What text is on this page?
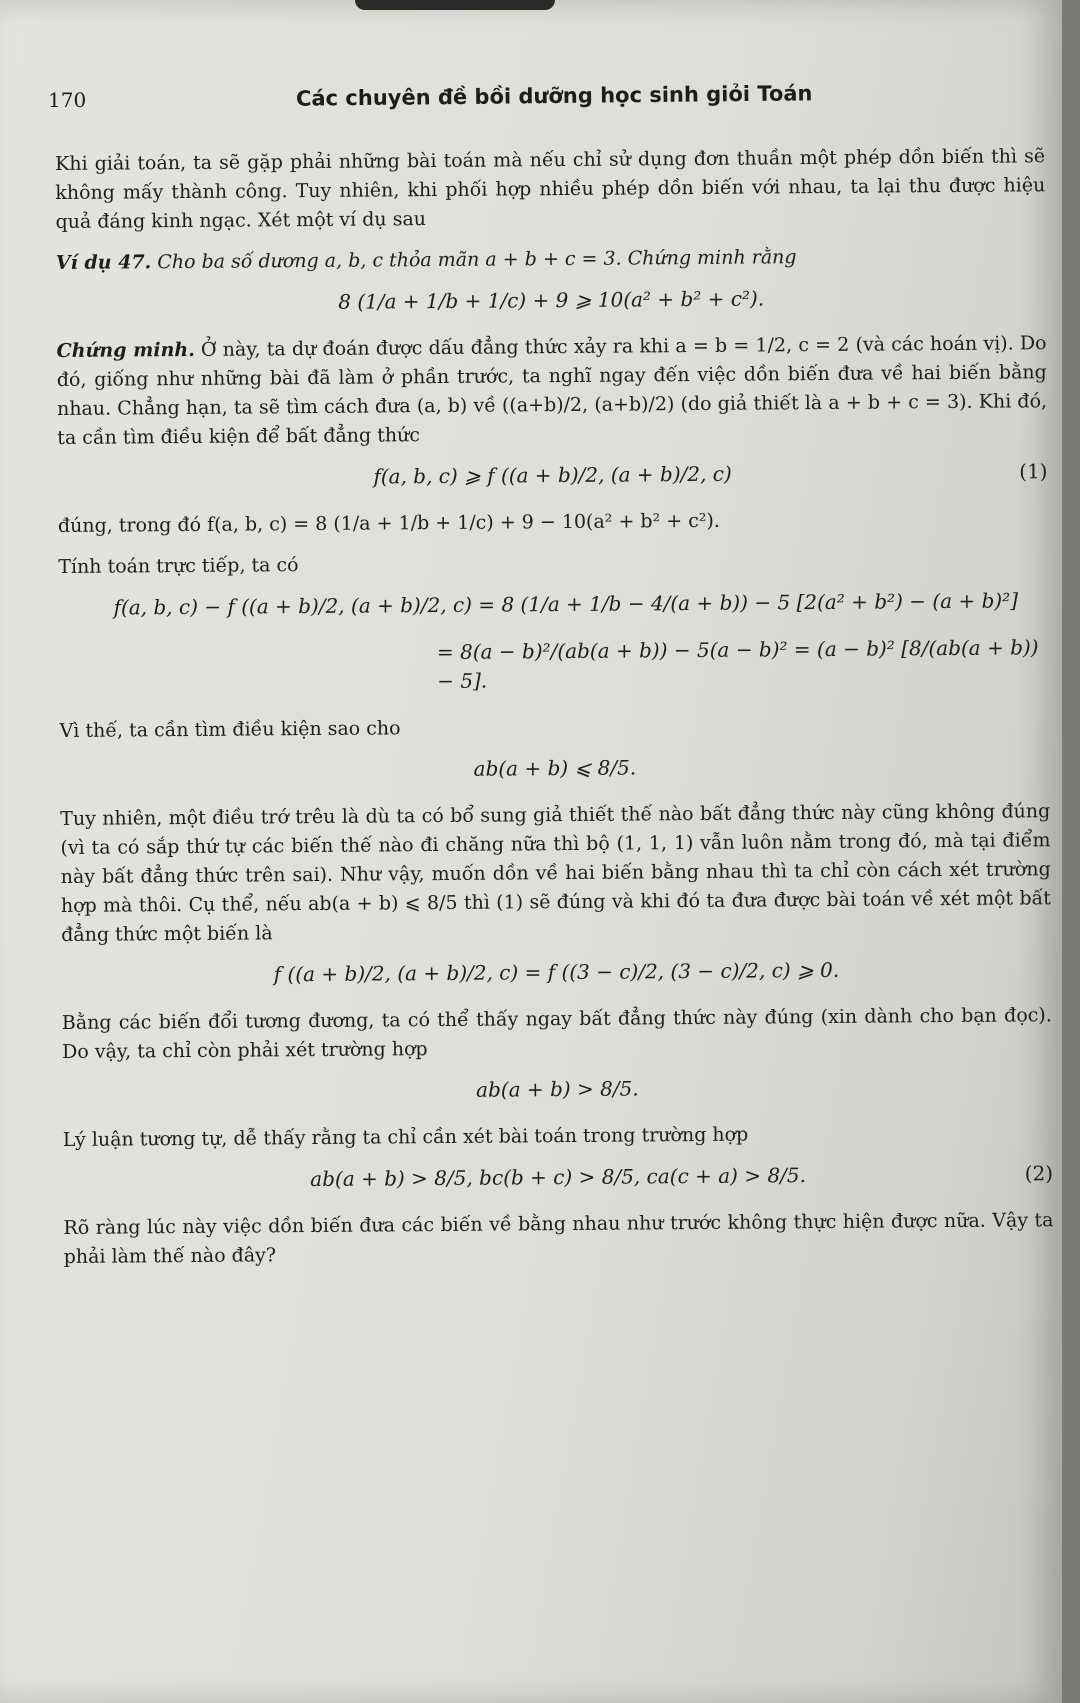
170	Các chuyên đề bồi dưỡng học sinh giỏi Toán

Khi giải toán, ta sẽ gặp phải những bài toán mà nếu chỉ sử dụng đơn thuần một phép dồn biến thì sẽ không mấy thành công. Tuy nhiên, khi phối hợp nhiều phép dồn biến với nhau, ta lại thu được hiệu quả đáng kinh ngạc. Xét một ví dụ sau

Ví dụ 47. Cho ba số dương a, b, c thỏa mãn a + b + c = 3. Chứng minh rằng

8 (1/a + 1/b + 1/c) + 9 ⩾ 10(a² + b² + c²).

Chứng minh. Ở này, ta dự đoán được dấu đẳng thức xảy ra khi a = b = 1/2, c = 2 (và các hoán vị). Do đó, giống như những bài đã làm ở phần trước, ta nghĩ ngay đến việc dồn biến đưa về hai biến bằng nhau. Chẳng hạn, ta sẽ tìm cách đưa (a, b) về ((a+b)/2, (a+b)/2) (do giả thiết là a + b + c = 3). Khi đó, ta cần tìm điều kiện để bất đẳng thức

f(a, b, c) ⩾ f ((a + b)/2, (a + b)/2, c)	(1)

đúng, trong đó f(a, b, c) = 8 (1/a + 1/b + 1/c) + 9 − 10(a² + b² + c²).

Tính toán trực tiếp, ta có

f(a, b, c) − f ((a + b)/2, (a + b)/2, c) = 8 (1/a + 1/b − 4/(a + b)) − 5 [2(a² + b²) − (a + b)²]
= 8(a − b)²/(ab(a + b)) − 5(a − b)² = (a − b)² [8/(ab(a + b)) − 5].

Vì thế, ta cần tìm điều kiện sao cho

ab(a + b) ⩽ 8/5.

Tuy nhiên, một điều trớ trêu là dù ta có bổ sung giả thiết thế nào bất đẳng thức này cũng không đúng (vì ta có sắp thứ tự các biến thế nào đi chăng nữa thì bộ (1, 1, 1) vẫn luôn nằm trong đó, mà tại điểm này bất đẳng thức trên sai). Như vậy, muốn dồn về hai biến bằng nhau thì ta chỉ còn cách xét trường hợp mà thôi. Cụ thể, nếu ab(a + b) ⩽ 8/5 thì (1) sẽ đúng và khi đó ta đưa được bài toán về xét một bất đẳng thức một biến là

f ((a + b)/2, (a + b)/2, c) = f ((3 − c)/2, (3 − c)/2, c) ⩾ 0.

Bằng các biến đổi tương đương, ta có thể thấy ngay bất đẳng thức này đúng (xin dành cho bạn đọc). Do vậy, ta chỉ còn phải xét trường hợp

ab(a + b) > 8/5.

Lý luận tương tự, dễ thấy rằng ta chỉ cần xét bài toán trong trường hợp

ab(a + b) > 8/5, bc(b + c) > 8/5, ca(c + a) > 8/5.	(2)

Rõ ràng lúc này việc dồn biến đưa các biến về bằng nhau như trước không thực hiện được nữa. Vậy ta phải làm thế nào đây?
